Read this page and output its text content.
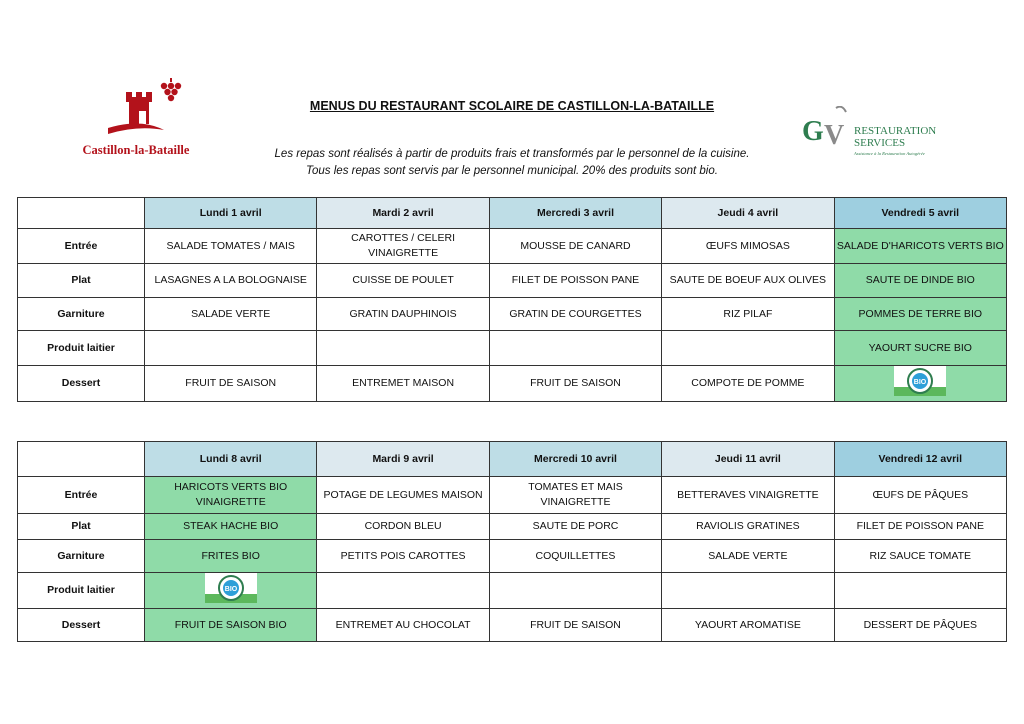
Castillon-la-Bataille
G V RESTAURATION
SERVICES
Assistance à la Restauration Autogérée
MENUS DU RESTAURANT SCOLAIRE DE CASTILLON-LA-BATAILLE
Les repas sont réalisés à partir de produits frais et transformés par le personnel de la cuisine.
Tous les repas sont servis par le personnel municipal. 20% des produits sont bio.
	Lundi 1 avril	Mardi 2 avril	Mercredi 3 avril	Jeudi 4 avril	Vendredi 5 avril
Entrée	SALADE TOMATES / MAIS	CAROTTES / CELERI VINAIGRETTE	MOUSSE DE CANARD	ŒUFS MIMOSAS	SALADE D'HARICOTS VERTS BIO
Plat	LASAGNES A LA BOLOGNAISE	CUISSE DE POULET	FILET DE POISSON PANE	SAUTE DE BOEUF AUX OLIVES	SAUTE DE DINDE BIO
Garniture	SALADE VERTE	GRATIN DAUPHINOIS	GRATIN DE COURGETTES	RIZ PILAF	POMMES DE TERRE BIO
Produit laitier					YAOURT SUCRE BIO
Dessert	FRUIT DE SAISON	ENTREMET MAISON	FRUIT DE SAISON	COMPOTE DE POMME	BIO
	Lundi 8 avril	Mardi 9 avril	Mercredi 10 avril	Jeudi 11 avril	Vendredi 12 avril
Entrée	HARICOTS VERTS BIO VINAIGRETTE	POTAGE DE LEGUMES MAISON	TOMATES ET MAIS VINAIGRETTE	BETTERAVES VINAIGRETTE	ŒUFS DE PÂQUES
Plat	STEAK HACHE BIO	CORDON BLEU	SAUTE DE PORC	RAVIOLIS GRATINES	FILET DE POISSON PANE
Garniture	FRITES BIO	PETITS POIS CAROTTES	COQUILLETTES	SALADE VERTE	RIZ SAUCE TOMATE
Produit laitier	BIO				

Dessert	FRUIT DE SAISON BIO	ENTREMET AU CHOCOLAT	FRUIT DE SAISON	YAOURT AROMATISE	DESSERT DE PÂQUES
